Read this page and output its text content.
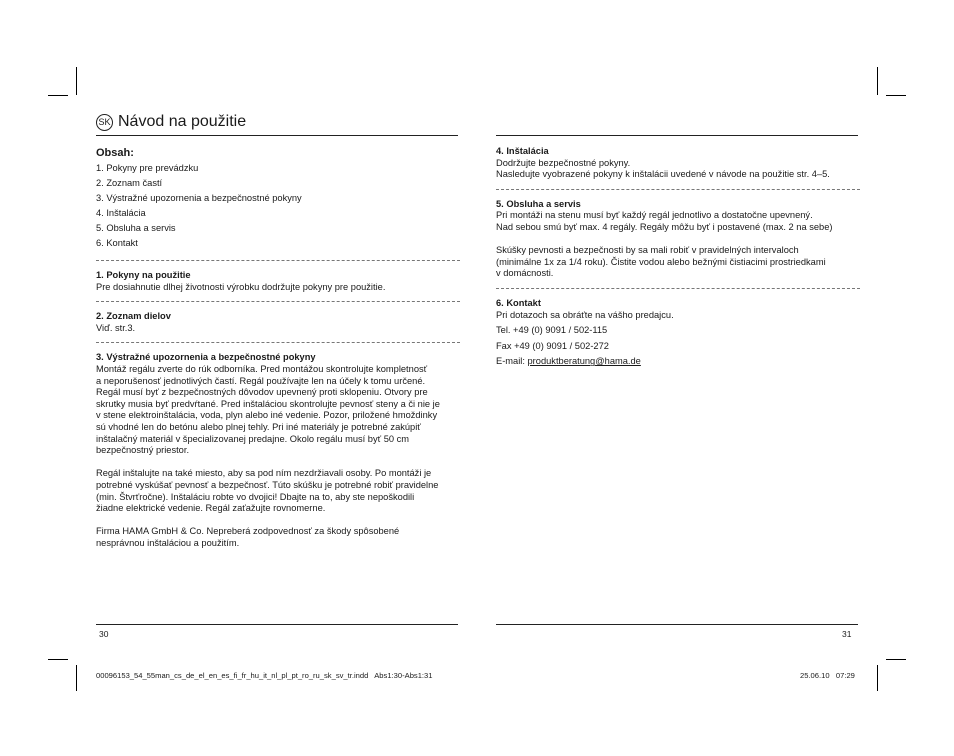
SK Návod na použitie

Obsah:

1. Pokyny pre prevádzku
2. Zoznam častí
3. Výstražné upozornenia a bezpečnostné pokyny
4. Inštalácia
5. Obsluha a servis
6. Kontakt

1. Pokyny na použitie

Pre dosiahnutie dlhej životnosti výrobku dodržujte pokyny pre použitie.

2. Zoznam dielov

Viď. str.3.

3. Výstražné upozornenia a bezpečnostné pokyny

Montáž regálu zverte do rúk odborníka. Pred montážou skontrolujte kompletnosť

a neporušenosť jednotlivých častí. Regál používajte len na účely k tomu určené.

Regál musí byť z bezpečnostných dôvodov upevnený proti sklopeniu. Otvory pre

skrutky musia byť predvŕtané. Pred inštaláciou skontrolujte pevnosť steny a či nie je

v stene elektroinštalácia, voda, plyn alebo iné vedenie. Pozor, priložené hmoždinky

sú vhodné len do betónu alebo plnej tehly. Pri iné materiály je potrebné zakúpiť

inštalačný materiál v špecializovanej predajne. Okolo regálu musí byť 50 cm

bezpečnostný priestor.

Regál inštalujte na také miesto, aby sa pod ním nezdržiavali osoby. Po montáži je

potrebné vyskúšať pevnosť a bezpečnosť. Túto skúšku je potrebné robiť pravidelne

(min. Štvrťročne). Inštaláciu robte vo dvojici! Dbajte na to, aby ste nepoškodili

žiadne elektrické vedenie. Regál zaťažujte rovnomerne.

Firma HAMA GmbH & Co. Nepreberá zodpovednosť za škody spôsobené

nesprávnou inštaláciou a použitím.

30

4. Inštalácia

Dodržujte bezpečnostné pokyny.

Nasledujte vyobrazené pokyny k inštalácii uvedené v návode na použitie str. 4–5.

5. Obsluha a servis

Pri montáži na stenu musí byť každý regál jednotlivo a dostatočne upevnený.

Nad sebou smú byť max. 4 regály. Regály môžu byť i postavené (max. 2 na sebe)

Skúšky pevnosti a bezpečnosti by sa mali robiť v pravidelných intervaloch

(minimálne 1x za 1/4 roku). Čistite vodou alebo bežnými čistiacimi prostriedkami

v domácnosti.

6. Kontakt

Pri dotazoch sa obráťte na vášho predajcu.

Tel. +49 (0) 9091 / 502-115

Fax +49 (0) 9091 / 502-272

E-mail: produktberatung@hama.de

31
00096153_54_55man_cs_de_el_en_es_fi_fr_hu_it_nl_pl_pt_ro_ru_sk_sv_tr.indd   Abs1:30-Abs1:31	25.06.10   07:29
